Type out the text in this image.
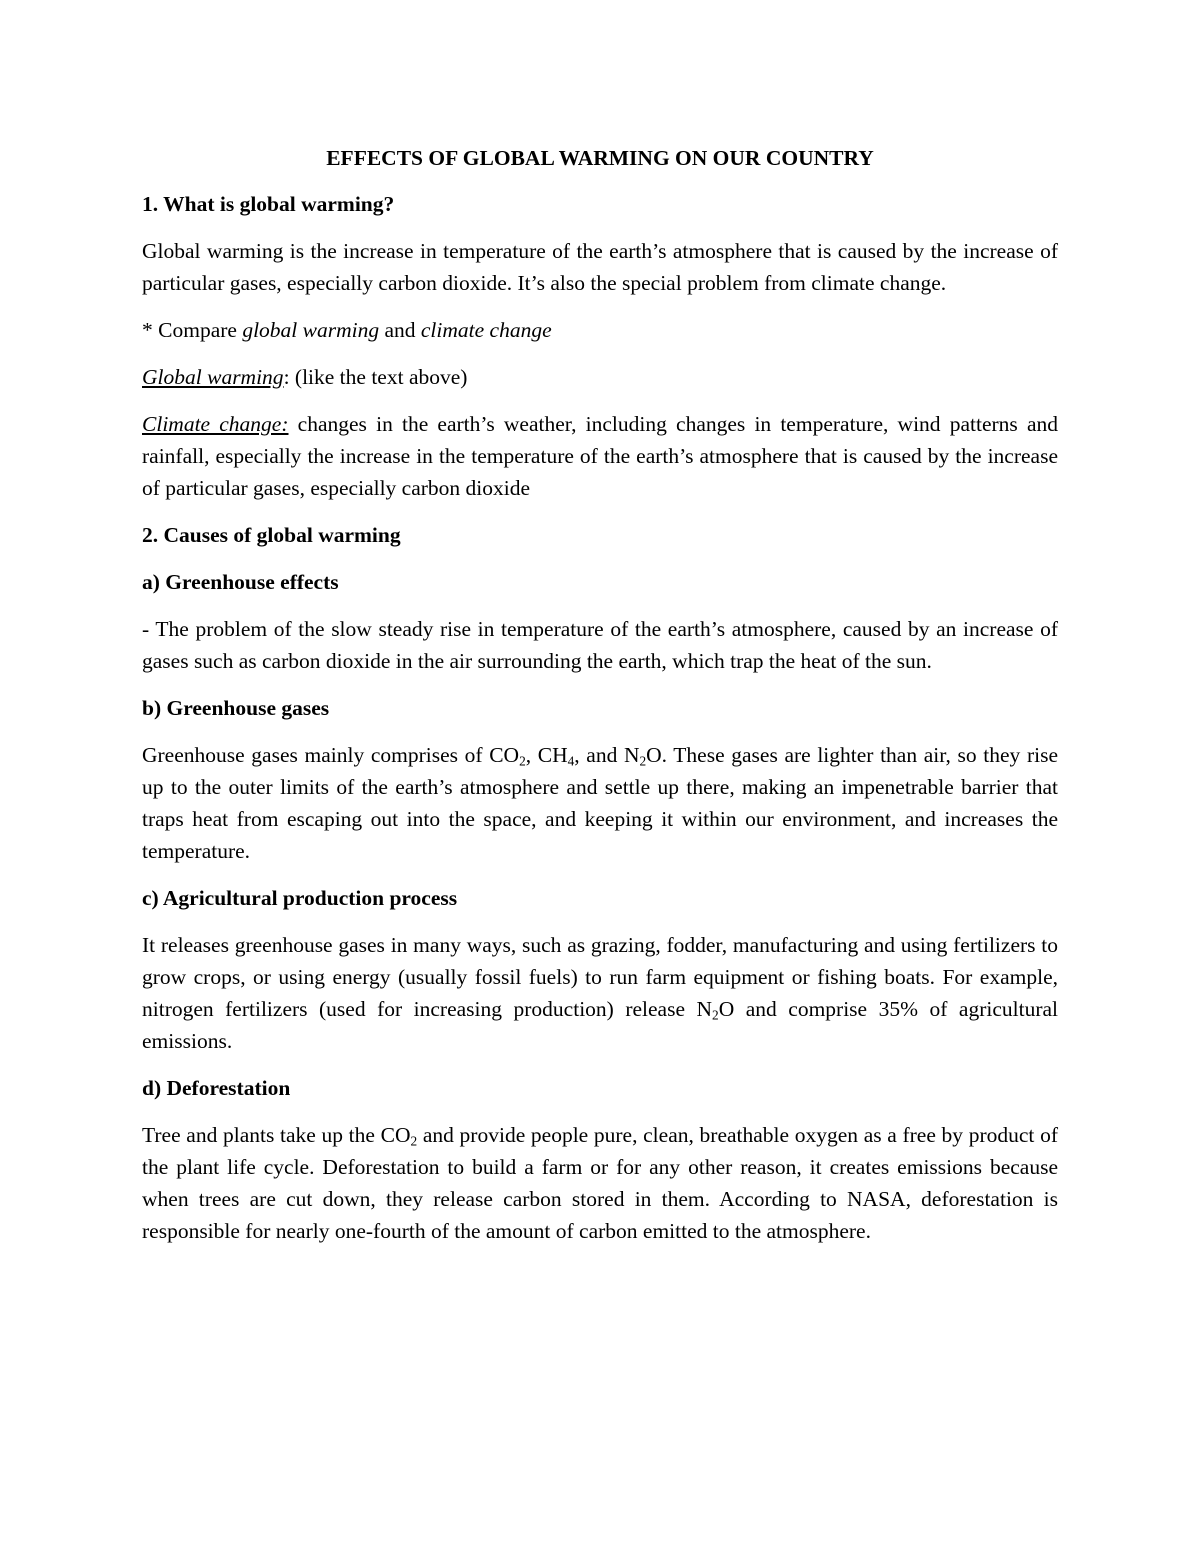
EFFECTS OF GLOBAL WARMING ON OUR COUNTRY
1. What is global warming?
Global warming is the increase in temperature of the earth’s atmosphere that is caused by the increase of particular gases, especially carbon dioxide. It’s also the special problem from climate change.
* Compare global warming and climate change
Global warming: (like the text above)
Climate change: changes in the earth’s weather, including changes in temperature, wind patterns and rainfall, especially the increase in the temperature of the earth’s atmosphere that is caused by the increase of particular gases, especially carbon dioxide
2. Causes of global warming
a) Greenhouse effects
- The problem of the slow steady rise in temperature of the earth’s atmosphere, caused by an increase of gases such as carbon dioxide in the air surrounding the earth, which trap the heat of the sun.
b) Greenhouse gases
Greenhouse gases mainly comprises of $CO_2$, $CH_4$, and $N_2O$. These gases are lighter than air, so they rise up to the outer limits of the earth’s atmosphere and settle up there, making an impenetrable barrier that traps heat from escaping out into the space, and keeping it within our environment, and increases the temperature.
c) Agricultural production process
It releases greenhouse gases in many ways, such as grazing, fodder, manufacturing and using fertilizers to grow crops, or using energy (usually fossil fuels) to run farm equipment or fishing boats. For example, nitrogen fertilizers (used for increasing production) release $N_2O$ and comprise 35% of agricultural emissions.
d) Deforestation
Tree and plants take up the $CO_2$ and provide people pure, clean, breathable oxygen as a free by product of the plant life cycle. Deforestation to build a farm or for any other reason, it creates emissions because when trees are cut down, they release carbon stored in them. According to NASA, deforestation is responsible for nearly one-fourth of the amount of carbon emitted to the atmosphere.
